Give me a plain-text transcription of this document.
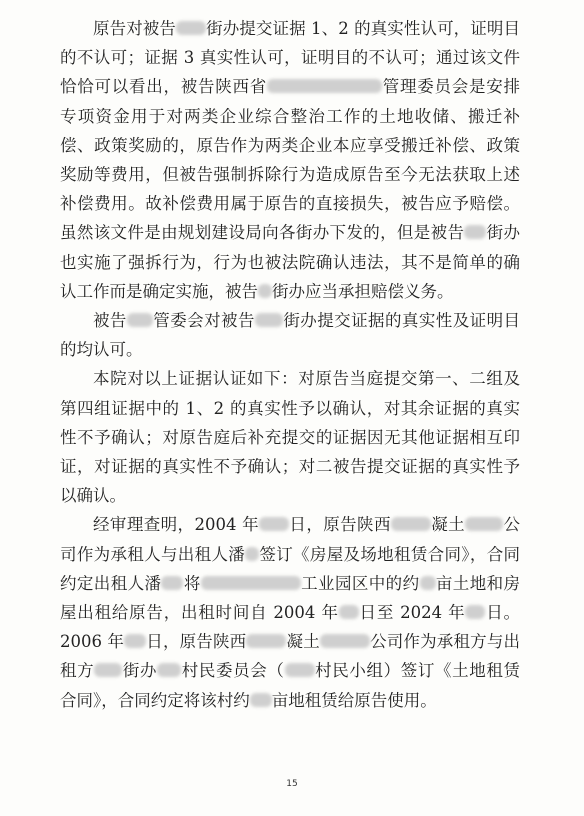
原告对被告 街办提交证据 1、2 的真实性认可，证明目的不认可；证据 3 真实性认可，证明目的不认可；通过该文件恰恰可以看出，被告陕西省	管理委员会是安排专项资金用于对两类企业综合整治工作的土地收储、搬迁补偿、政策奖励的，原告作为两类企业本应享受搬迁补偿、政策奖励等费用，但被告强制拆除行为造成原告至今无法获取上述补偿费用。故补偿费用属于原告的直接损失，被告应予赔偿。虽然该文件是由规划建设局向各街办下发的，但是被告 街办也实施了强拆行为，行为也被法院确认违法，其不是简单的确认工作而是确定实施，被告 街办应当承担赔偿义务。

被告 管委会对被告 街办提交证据的真实性及证明目的均认可。

本院对以上证据认证如下：对原告当庭提交第一、二组及第四组证据中的 1、2 的真实性予以确认，对其余证据的真实性不予确认；对原告庭后补充提交的证据因无其他证据相互印证，对证据的真实性不予确认；对二被告提交证据的真实性予以确认。

经审理查明，2004 年 日，原告陕西 凝土 公司作为承租人与出租人潘 签订《房屋及场地租赁合同》，合同约定出租人潘 将	工业园区中的约 亩土地和房屋出租给原告，出租时间自 2004 年 日至 2024 年 日。2006 年 日，原告陕西 凝土	公司作为承租方与出租方 街办 村民委员会（ 村民小组）签订《土地租赁合同》，合同约定将该村约 亩地租赁给原告使用。

15
